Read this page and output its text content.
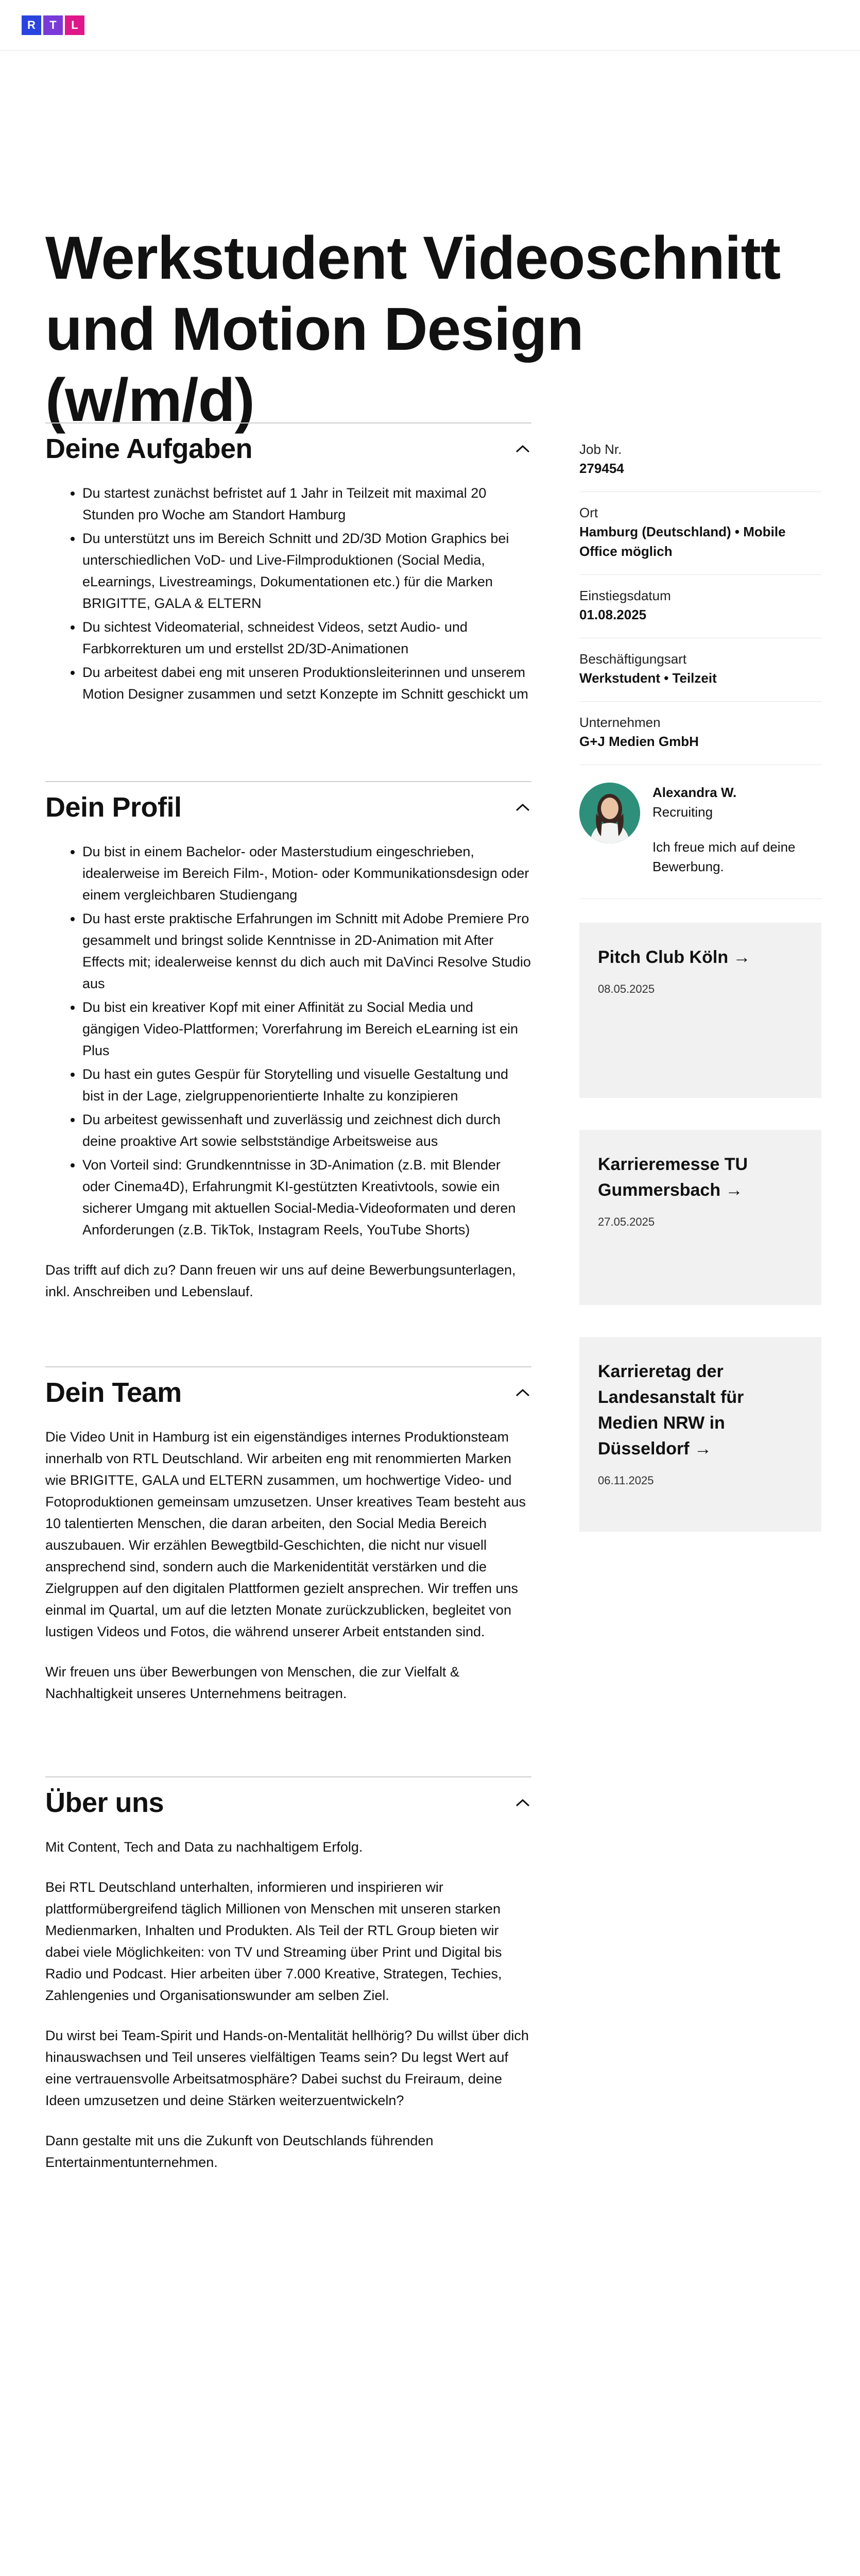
R	T	L
Werkstudent Videoschnitt und Motion Design (w/m/d)
Deine Aufgaben
• Du startest zunächst befristet auf 1 Jahr in Teilzeit mit maximal 20 Stunden pro Woche am Standort Hamburg
• Du unterstützt uns im Bereich Schnitt und 2D/3D Motion Graphics bei unterschiedlichen VoD- und Live-Filmproduktionen (Social Media, eLearnings, Livestreamings, Dokumentationen etc.) für die Marken BRIGITTE, GALA & ELTERN
• Du sichtest Videomaterial, schneidest Videos, setzt Audio- und Farbkorrekturen um und erstellst 2D/3D-Animationen
• Du arbeitest dabei eng mit unseren Produktionsleiterinnen und unserem Motion Designer zusammen und setzt Konzepte im Schnitt geschickt um
Dein Profil
• Du bist in einem Bachelor- oder Masterstudium eingeschrieben, idealerweise im Bereich Film-, Motion- oder Kommunikationsdesign oder einem vergleichbaren Studiengang
• Du hast erste praktische Erfahrungen im Schnitt mit Adobe Premiere Pro gesammelt und bringst solide Kenntnisse in 2D-Animation mit After Effects mit; idealerweise kennst du dich auch mit DaVinci Resolve Studio aus
• Du bist ein kreativer Kopf mit einer Affinität zu Social Media und gängigen Video-Plattformen; Vorerfahrung im Bereich eLearning ist ein Plus
• Du hast ein gutes Gespür für Storytelling und visuelle Gestaltung und bist in der Lage, zielgruppenorientierte Inhalte zu konzipieren
• Du arbeitest gewissenhaft und zuverlässig und zeichnest dich durch deine proaktive Art sowie selbstständige Arbeitsweise aus
• Von Vorteil sind: Grundkenntnisse in 3D-Animation (z.B. mit Blender oder Cinema4D), Erfahrungmit KI-gestützten Kreativtools, sowie ein sicherer Umgang mit aktuellen Social-Media-Videoformaten und deren Anforderungen (z.B. TikTok, Instagram Reels, YouTube Shorts)

Das trifft auf dich zu? Dann freuen wir uns auf deine Bewerbungsunterlagen, inkl. Anschreiben und Lebenslauf.

Dein Team

Die Video Unit in Hamburg ist ein eigenständiges internes Produktionsteam innerhalb von RTL Deutschland. Wir arbeiten eng mit renommierten Marken wie BRIGITTE, GALA und ELTERN zusammen, um hochwertige Video- und Fotoproduktionen gemeinsam umzusetzen. Unser kreatives Team besteht aus 10 talentierten Menschen, die daran arbeiten, den Social Media Bereich auszubauen. Wir erzählen Bewegtbild-Geschichten, die nicht nur visuell ansprechend sind, sondern auch die Markenidentität verstärken und die Zielgruppen auf den digitalen Plattformen gezielt ansprechen. Wir treffen uns einmal im Quartal, um auf die letzten Monate zurückzublicken, begleitet von lustigen Videos und Fotos, die während unserer Arbeit entstanden sind.

Wir freuen uns über Bewerbungen von Menschen, die zur Vielfalt & Nachhaltigkeit unseres Unternehmens beitragen.

Über uns

Mit Content, Tech and Data zu nachhaltigem Erfolg.

Bei RTL Deutschland unterhalten, informieren und inspirieren wir plattformübergreifend täglich Millionen von Menschen mit unseren starken Medienmarken, Inhalten und Produkten. Als Teil der RTL Group bieten wir dabei viele Möglichkeiten: von TV und Streaming über Print und Digital bis Radio und Podcast. Hier arbeiten über 7.000 Kreative, Strategen, Techies, Zahlengenies und Organisationswunder am selben Ziel.

Du wirst bei Team-Spirit und Hands-on-Mentalität hellhörig? Du willst über dich hinauswachsen und Teil unseres vielfältigen Teams sein? Du legst Wert auf eine vertrauensvolle Arbeitsatmosphäre? Dabei suchst du Freiraum, deine Ideen umzusetzen und deine Stärken weiterzuentwickeln?

Dann gestalte mit uns die Zukunft von Deutschlands führenden Entertainmentunternehmen.

Job Nr.
279454
Ort
Hamburg (Deutschland) • Mobile Office möglich
Einstiegsdatum
01.08.2025
Beschäftigungsart
Werkstudent • Teilzeit
Unternehmen
G+J Medien GmbH
Alexandra W.
Recruiting
Ich freue mich auf deine Bewerbung.
Pitch Club Köln →
08.05.2025
Karrieremesse TU Gummersbach →
27.05.2025
Karrieretag der Landesanstalt für Medien NRW in Düsseldorf →
06.11.2025
